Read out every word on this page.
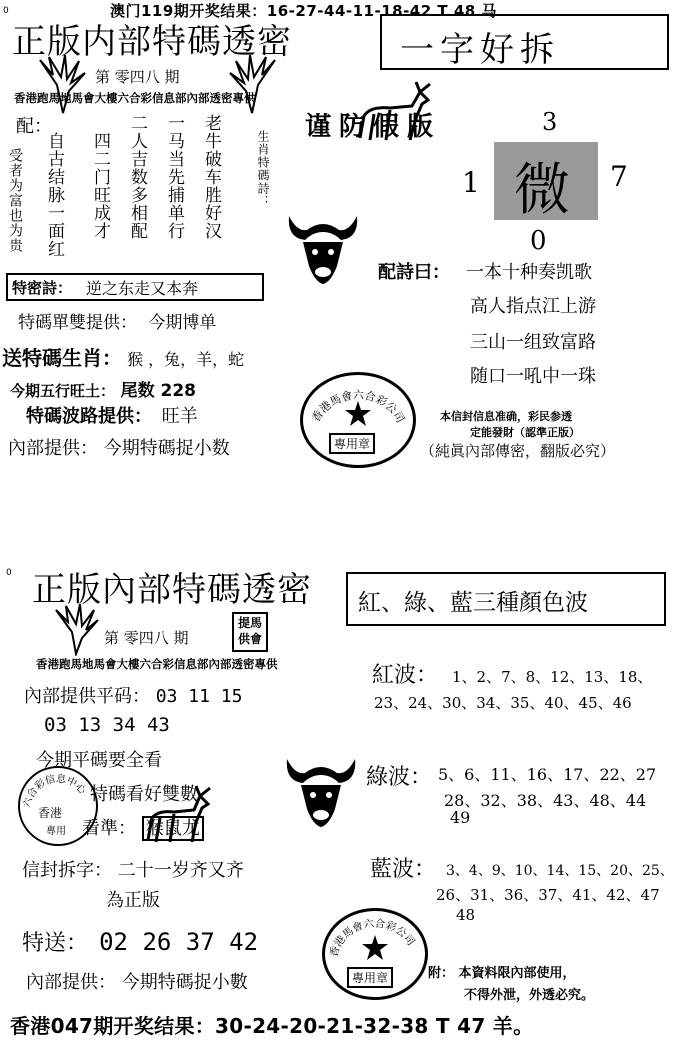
0	澳门119期开奖结果：16-27-44-11-18-42 T 48 马
正版内部特碼透密
第 零四八 期
香港跑馬地馬會大樓六合彩信息部內部透密專供
配：	老牛破车胜好汉
一马当先捕单行
二人吉数多相配
四二门旺成才
自古结脉一面红
受者为富也为贵	生肖特碼詩：
特密詩： 逆之东走又本奔
特碼單雙提供： 今期博单
送特碼生肖： 猴 ，兔，羊，蛇
今期五行旺土： 尾数 228
特碼波路提供： 旺羊
內部提供： 今期特碼捉小数
一字好拆
谨防假版	3
微
1	7
0
配詩曰： 一本十种奏凯歌
高人指点江上游
三山一组致富路
随口一吼中一珠
香港馬會六合彩公司
專用章
本信封信息准确，彩民参透
定能發財（認準正版）
（純眞內部傳密，翻版必究）
0 正版內部特碼透密
第 零四八 期
提馬供會
香港跑馬地馬會大樓六合彩信息部內部透密專供
內部提供平码： 03 11 15
03 13 34 43
今期平碼要全看
特碼看好雙數
看準： 猴鼠龙
六合彩信息中心
香港
專用
信封拆字： 二十一岁齐又齐
為正版
特送： 02 26 37 42
內部提供： 今期特碼捉小數
紅、綠、藍三種顏色波
紅波： 1、2、7、8、12、13、18、
23、24、30、34、35、40、45、46
綠波： 5、6、11、16、17、22、27
28、32、38、43、48、44
49
藍波： 3、4、9、10、14、15、20、25、
26、31、36、37、41、42、47
48
香港馬會六合彩公司
專用章	附： 本資料限內部使用，
不得外泄，外透必究。
香港047期开奖结果：30-24-20-21-32-38 T 47 羊。
